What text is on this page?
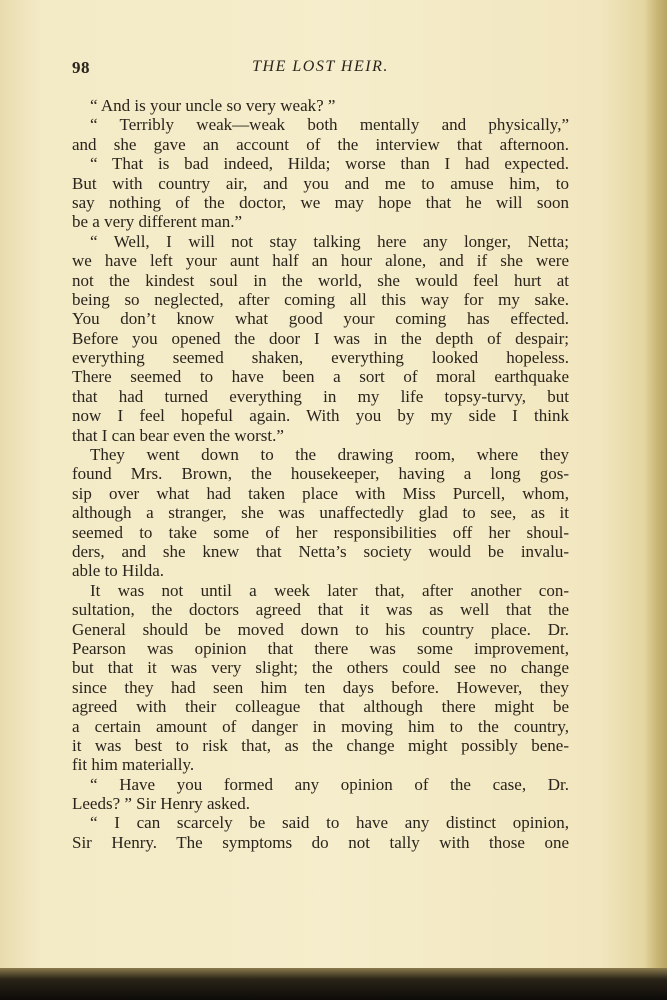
98	THE LOST HEIR.
“ And is your uncle so very weak? ”
“ Terribly weak—weak both mentally and physically,”
and she gave an account of the interview that afternoon.
“ That is bad indeed, Hilda; worse than I had expected.
But with country air, and you and me to amuse him, to
say nothing of the doctor, we may hope that he will soon
be a very different man.”
“ Well, I will not stay talking here any longer, Netta;
we have left your aunt half an hour alone, and if she were
not the kindest soul in the world, she would feel hurt at
being so neglected, after coming all this way for my sake.
You don’t know what good your coming has effected.
Before you opened the door I was in the depth of despair;
everything seemed shaken, everything looked hopeless.
There seemed to have been a sort of moral earthquake
that had turned everything in my life topsy-turvy, but
now I feel hopeful again. With you by my side I think
that I can bear even the worst.”
They went down to the drawing room, where they
found Mrs. Brown, the housekeeper, having a long gos-
sip over what had taken place with Miss Purcell, whom,
although a stranger, she was unaffectedly glad to see, as it
seemed to take some of her responsibilities off her shoul-
ders, and she knew that Netta’s society would be invalu-
able to Hilda.
It was not until a week later that, after another con-
sultation, the doctors agreed that it was as well that the
General should be moved down to his country place. Dr.
Pearson was opinion that there was some improvement,
but that it was very slight; the others could see no change
since they had seen him ten days before. However, they
agreed with their colleague that although there might be
a certain amount of danger in moving him to the country,
it was best to risk that, as the change might possibly bene-
fit him materially.
“ Have you formed any opinion of the case, Dr.
Leeds? ” Sir Henry asked.
“ I can scarcely be said to have any distinct opinion,
Sir Henry. The symptoms do not tally with those one
